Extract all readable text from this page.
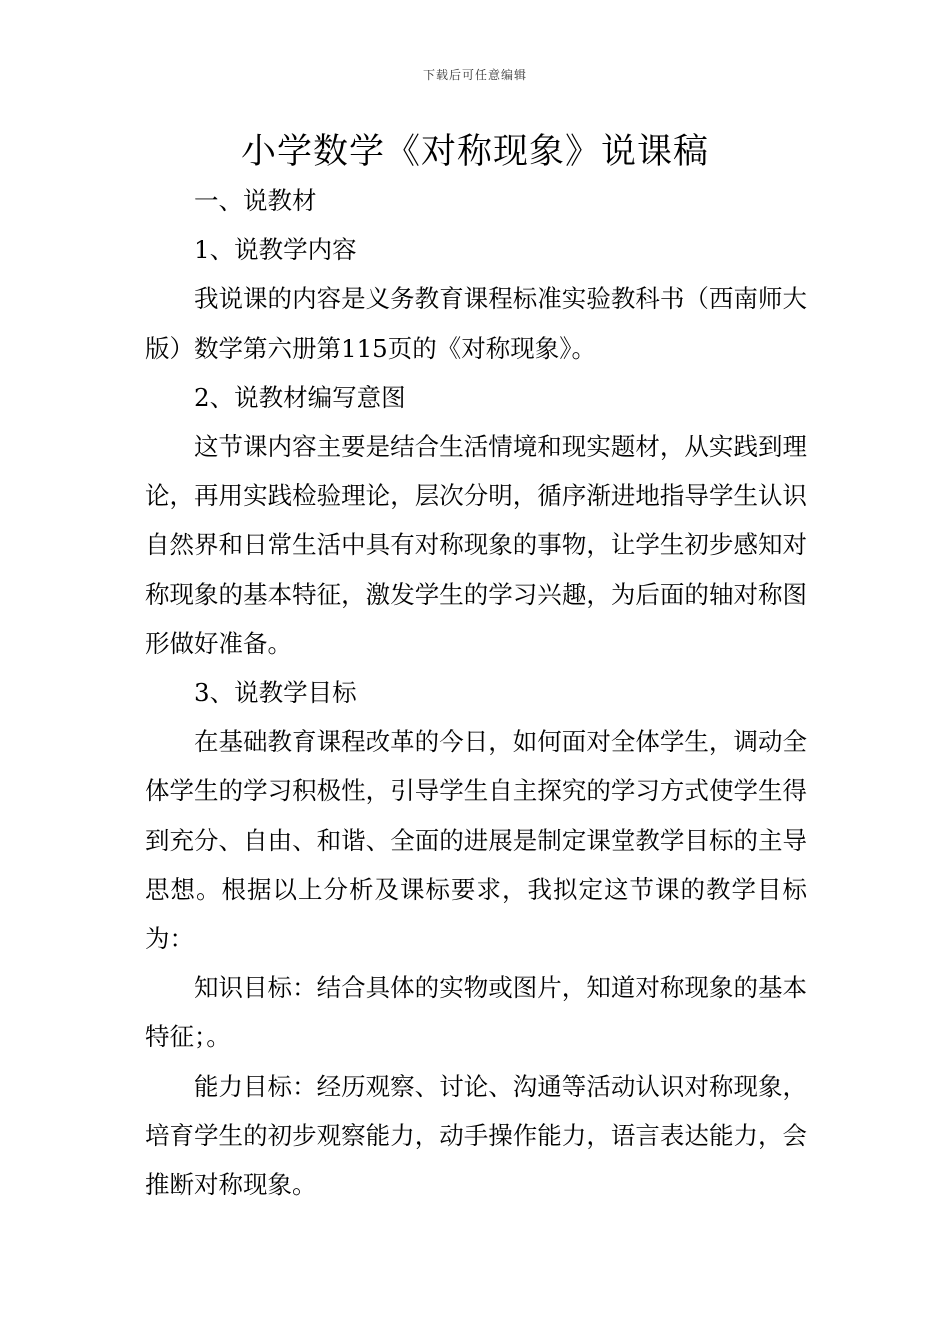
下载后可任意编辑
小学数学《对称现象》说课稿

一、说教材

1、说教学内容

我说课的内容是义务教育课程标准实验教科书（西南师大版）数学第六册第115页的《对称现象》。

2、说教材编写意图

这节课内容主要是结合生活情境和现实题材，从实践到理论，再用实践检验理论，层次分明，循序渐进地指导学生认识自然界和日常生活中具有对称现象的事物，让学生初步感知对称现象的基本特征，激发学生的学习兴趣，为后面的轴对称图形做好准备。

3、说教学目标

在基础教育课程改革的今日，如何面对全体学生，调动全体学生的学习积极性，引导学生自主探究的学习方式使学生得到充分、自由、和谐、全面的进展是制定课堂教学目标的主导思想。根据以上分析及课标要求，我拟定这节课的教学目标为：

知识目标：结合具体的实物或图片，知道对称现象的基本特征；。

能力目标：经历观察、讨论、沟通等活动认识对称现象，培育学生的初步观察能力，动手操作能力，语言表达能力，会推断对称现象。
